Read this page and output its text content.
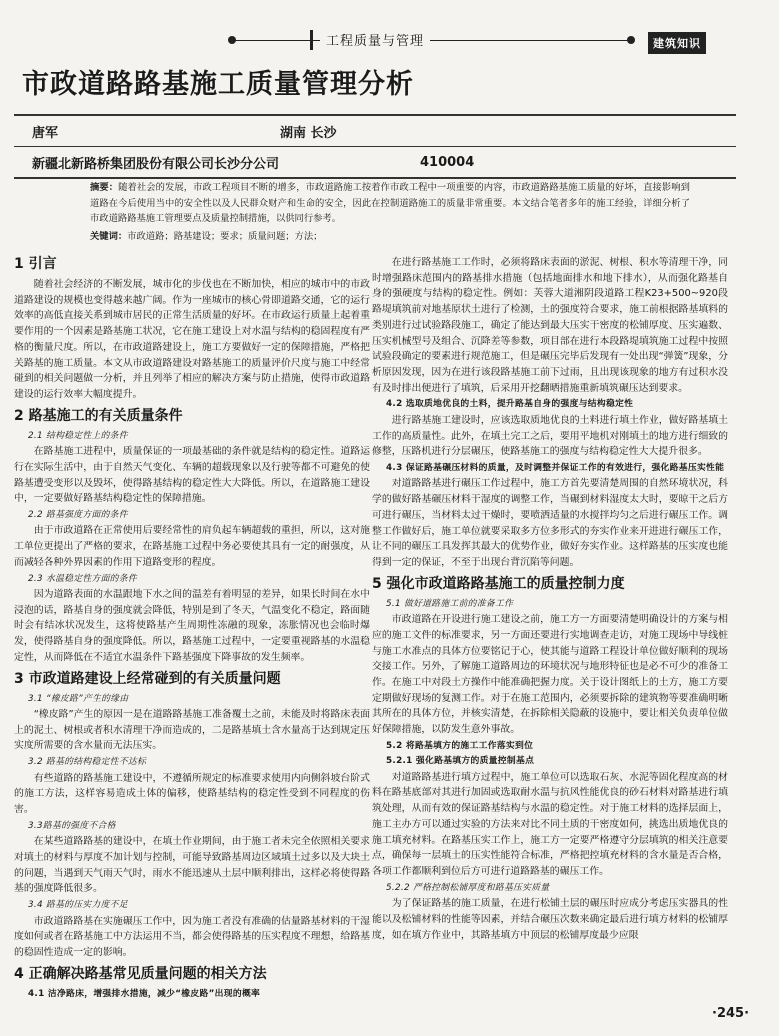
工程质量与管理	建筑知识
市政道路路基施工质量管理分析
唐军	湖南 长沙
新疆北新路桥集团股份有限公司长沙分公司	410004
摘要：随着社会的发展，市政工程项目不断的增多，市政道路施工按着作市政工程中一项重要的内容，市政道路路基施工质量的好坏，直接影响到道路在今后使用当中的安全性以及人民群众财产和生命的安全，因此在控制道路施工的质量非常重要。本文结合笔者多年的施工经验，详细分析了市政道路路基施工管理要点及质量控制措施，以供同行参考。
关键词：市政道路；路基建设；要求；质量问题；方法；
1 引言

随着社会经济的不断发展，城市化的步伐也在不断加快，相应的城市中的市政道路建设的规模也变得越来越广阔。作为一座城市的核心骨即道路交通，它的运行效率的高低直接关系到城市居民的正常生活质量的好坏。在市政运行质量上起着重要作用的一个因素是路基施工状况，它在施工建设上对水温与结构的稳固程度有严格的衡量尺度。所以，在市政道路建设上，施工方要做好一定的保障措施，严格把关路基的施工质量。本文从市政道路建设对路基施工的质量评价尺度与施工中经常碰到的相关问题做一分析，并且列举了相应的解决方案与防止措施，使得市政道路建设的运行效率大幅度提升。

2 路基施工的有关质量条件
2.1 结构稳定性上的条件

在路基施工进程中，质量保证的一项最基础的条件就是结构的稳定性。道路运行在实际生活中，由于自然天气变化、车辆的超载现象以及行驶等都不可避免的使路基遭受变形以及毁坏，使得路基结构的稳定性大大降低。所以，在道路施工建设中，一定要做好路基结构稳定性的保障措施。

2.2 路基强度方面的条件

由于市政道路在正常使用后要经常性的肩负起车辆超载的重担，所以，这对施工单位更提出了严格的要求，在路基施工过程中务必要使其具有一定的耐强度，从而减轻各种外界因素的作用下道路变形的程度。

2.3 水温稳定性方面的条件

因为道路表面的水温跟地下水之间的温差有着明显的差异，如果长时间在水中浸泡的话，路基自身的强度就会降低，特别是到了冬天，气温变化不稳定，路面随时会有结冰状况发生，这将使路基产生周期性冻融的现象，冻胀情况也会临时爆发，使得路基自身的强度降低。所以，路基施工过程中，一定要重视路基的水温稳定性，从而降低在不适宜水温条件下路基强度下降事故的发生频率。

3 市政道路建设上经常碰到的有关质量问题
3.1 “橡皮路”产生的缘由

“橡皮路”产生的原因一是在道路路基施工准备覆土之前，未能及时将路床表面上的泥土、树根或者积水清理干净而造成的，二是路基填土含水量高于达到规定压实度所需要的含水量而无法压实。

3.2 路基的结构稳定性不达标

有些道路的路基施工建设中，不遵循所规定的标准要求使用内向侧斜坡台阶式的施工方法，这样容易造成土体的偏移，使路基结构的稳定性受到不同程度的伤害。

3.3路基的强度不合格

在某些道路路基的建设中，在填土作业期间，由于施工者未完全依照相关要求对填土的材料与厚度不加计划与控制，可能导致路基周边区域填土过多以及大块土的问题，当遇到天气雨天气时，雨水不能迅速从土层中顺利排出，这样必将使得路基的强度降低很多。

3.4 路基的压实力度不足

市政道路路基在实施碾压工作中，因为施工者没有准确的估量路基材料的干湿度如何或者在路基施工中方法运用不当，都会使得路基的压实程度不理想，给路基的稳固性造成一定的影响。

4 正确解决路基常见质量问题的相关方法
4.1 洁净路床，增强排水措施，减少“橡皮路”出现的概率

在进行路基施工工作时，必须将路床表面的淤泥、树根、积水等清理干净，同时增强路床范围内的路基排水措施（包括地面排水和地下排水），从而强化路基自身的强硬度与结构的稳定性。例如：芙蓉大道湘阴段道路工程K23+500~920段路堤填筑前对地基原状土进行了检测，土的强度符合要求，施工前根据路基填料的类别进行过试验路段施工，确定了能达到最大压实干密度的松铺厚度、压实遍数、压实机械型号及组合、沉降差等参数，项目部在进行本段路堤填筑施工过程中按照试验段确定的要素进行规范施工，但是碾压完毕后发现有一处出现“弹簧”现象，分析原因发现，因为在进行该段路基施工前下过雨，且出现该现象的地方有过积水没有及时排出便进行了填筑，后采用开挖翻晒措施重新填筑碾压达到要求。

4.2 选取质地优良的土料，提升路基自身的强度与结构稳定性

进行路基施工建设时，应该选取质地优良的土料进行填土作业，做好路基填土工作的高质量性。此外，在填土完工之后，要用平地机对刚填土的地方进行细致的修整，压路机进行分层碾压，使路基施工的强度与结构稳定性大大提升很多。

4.3 保证路基碾压材料的质量，及时调整并保证工作的有效进行，强化路基压实性能

对道路路基进行碾压工作过程中，施工方首先要清楚周围的自然环境状况，科学的做好路基碾压材料干湿度的调整工作，当碾到材料湿度太大时，要晾干之后方可进行碾压，当材料太过干燥时，要喷洒适量的水搅拌均匀之后进行碾压工作。调整工作做好后，施工单位就要采取多方位多形式的夯实作业来开进进行碾压工作，让不同的碾压工具发挥其最大的优势作业，做好夯实作业。这样路基的压实度也能得到一定的保证，不至于出现台背沉陷等问题。

5 强化市政道路路基施工的质量控制力度
5.1 做好道路施工前的准备工作

市政道路在开设进行施工建设之前，施工方一方面要清楚明确设计的方案与相应的施工文件的标准要求，另一方面还要进行实地调查走访，对施工现场中导线桩与施工水准点的具体方位要铭记于心，使其能与道路工程设计单位做好顺利的现场交接工作。另外，了解施工道路周边的环境状况与地形特征也是必不可少的准备工作。在施工中对段土方操作中能准确把握力度。关于设计图纸上的土方，施工方要定期做好现场的复测工作。对于在施工范围内，必须要拆除的建筑物等要准确明晰其所在的具体方位，并核实清楚，在拆除相关隐蔽的设施中，要让相关负责单位做好保障措施，以防发生意外事故。

5.2 将路基填方的施工工作落实到位
5.2.1 强化路基填方的质量控制基点

对道路路基进行填方过程中，施工单位可以选取石灰、水泥等固化程度高的材料在路基底部对其进行加固或选取耐水温与抗风性能优良的砂石材料对路基进行填筑处理，从而有效的保证路基结构与水温的稳定性。对于施工材料的选择层面上，施工主办方可以通过实验的方法来对比不同土质的干密度如何，挑选出质地优良的施工填充材料。在路基压实工作上，施工方一定要严格遵守分层填筑的相关注意要点，确保每一层填土的压实性能符合标准，严格把控填充材料的含水量是否合格，各项工作都顺利到位后方可进行道路路基的碾压工作。

5.2.2 严格控制松铺厚度和路基压实质量

为了保证路基的施工质量，在进行松铺土层的碾压时应成分考虑压实器具的性能以及松铺材料的性能等因素，并结合碾压次数来确定最后进行填方材料的松铺厚度，如在填方作业中，其路基填方中顶层的松铺厚度最少应限

·245·
